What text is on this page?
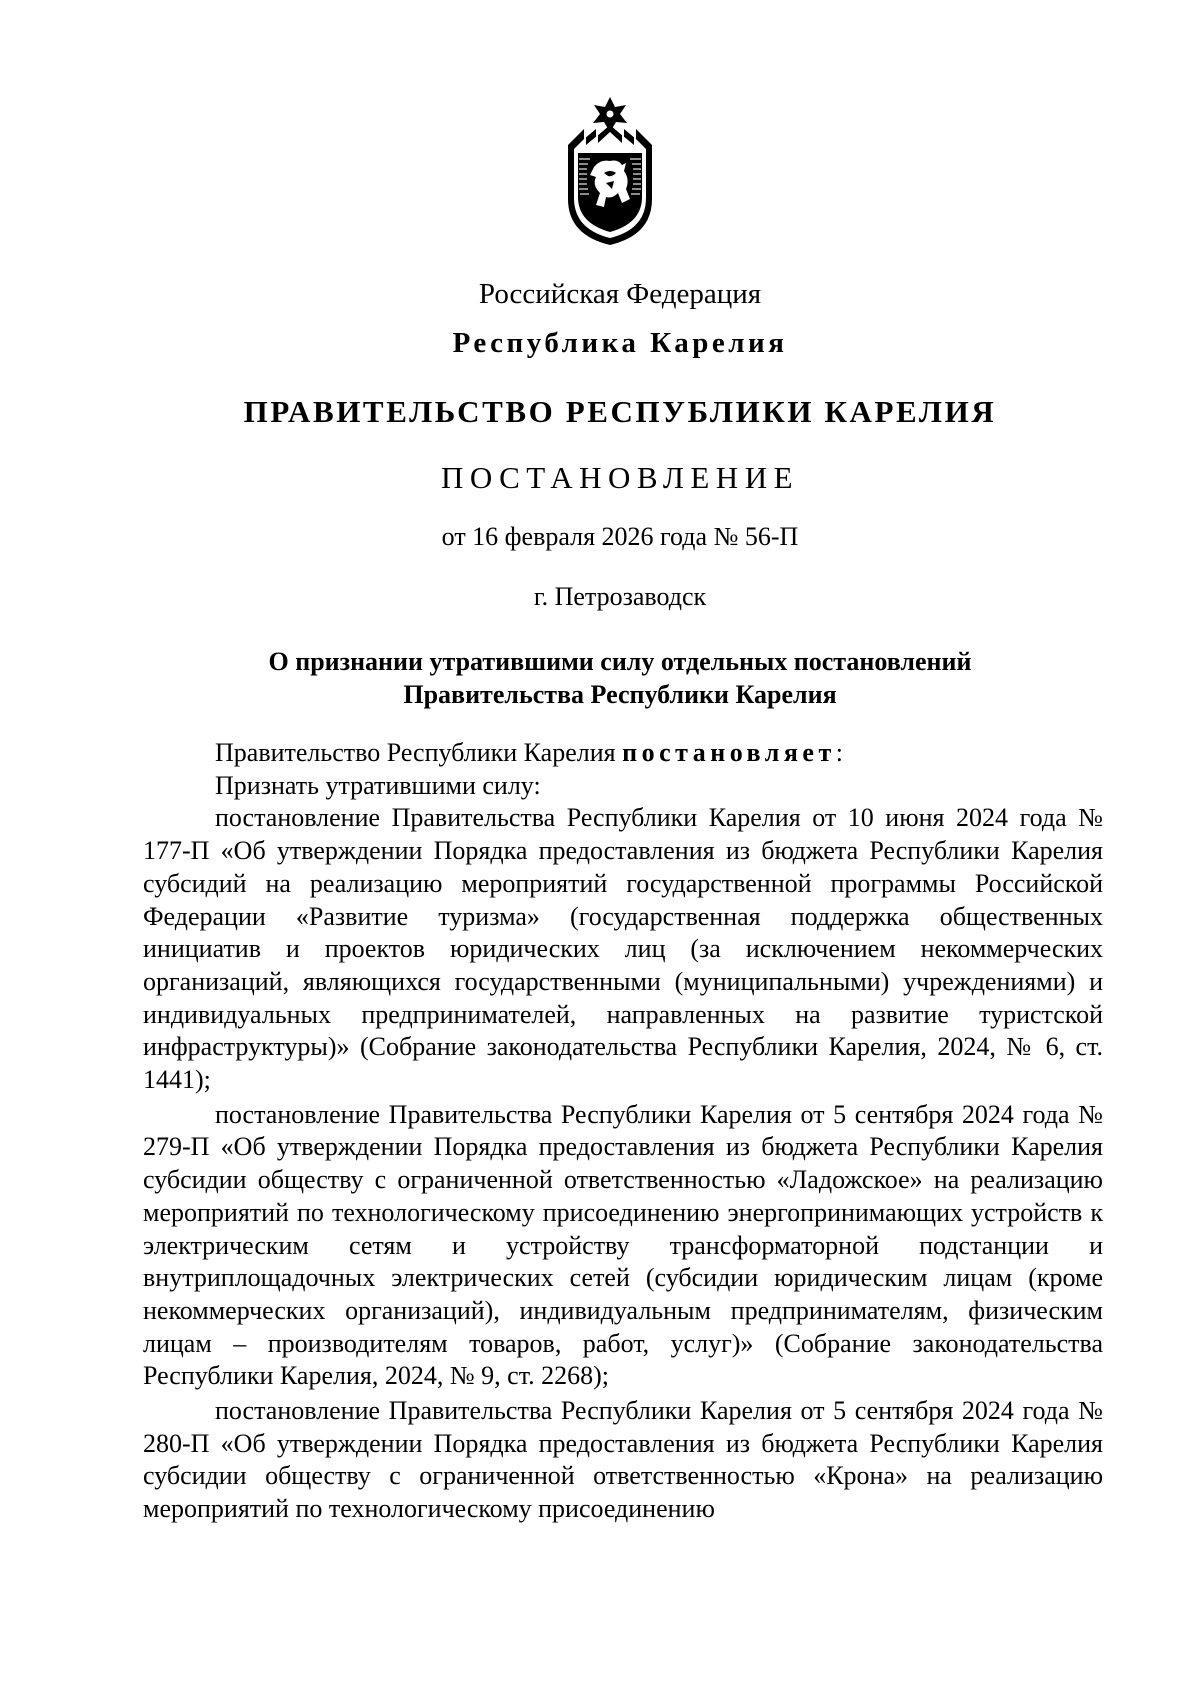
Российская Федерация
Республика Карелия
ПРАВИТЕЛЬСТВО РЕСПУБЛИКИ КАРЕЛИЯ
ПОСТАНОВЛЕНИЕ
от 16 февраля 2026 года № 56-П
г. Петрозаводск
О признании утратившими силу отдельных постановлений
Правительства Республики Карелия

Правительство Республики Карелия постановляет:

Признать утратившими силу:

постановление Правительства Республики Карелия от 10 июня 2024 года № 177-П «Об утверждении Порядка предоставления из бюджета Республики Карелия субсидий на реализацию мероприятий государственной программы Российской Федерации «Развитие туризма» (государственная поддержка общественных инициатив и проектов юридических лиц (за исключением некоммерческих организаций, являющихся государственными (муниципальными) учреждениями) и индивидуальных предпринимателей, направленных на развитие туристской инфраструктуры)» (Собрание законодательства Республики Карелия, 2024, № 6, ст. 1441);

постановление Правительства Республики Карелия от 5 сентября 2024 года № 279-П «Об утверждении Порядка предоставления из бюджета Республики Карелия субсидии обществу с ограниченной ответственностью «Ладожское» на реализацию мероприятий по технологическому присоединению энергопринимающих устройств к электрическим сетям и устройству трансформаторной подстанции и внутриплощадочных электрических сетей (субсидии юридическим лицам (кроме некоммерческих организаций), индивидуальным предпринимателям, физическим лицам – производителям товаров, работ, услуг)» (Собрание законодательства Республики Карелия, 2024, № 9, ст. 2268);

постановление Правительства Республики Карелия от 5 сентября 2024 года № 280-П «Об утверждении Порядка предоставления из бюджета Республики Карелия субсидии обществу с ограниченной ответственностью «Крона» на реализацию мероприятий по технологическому присоединению
